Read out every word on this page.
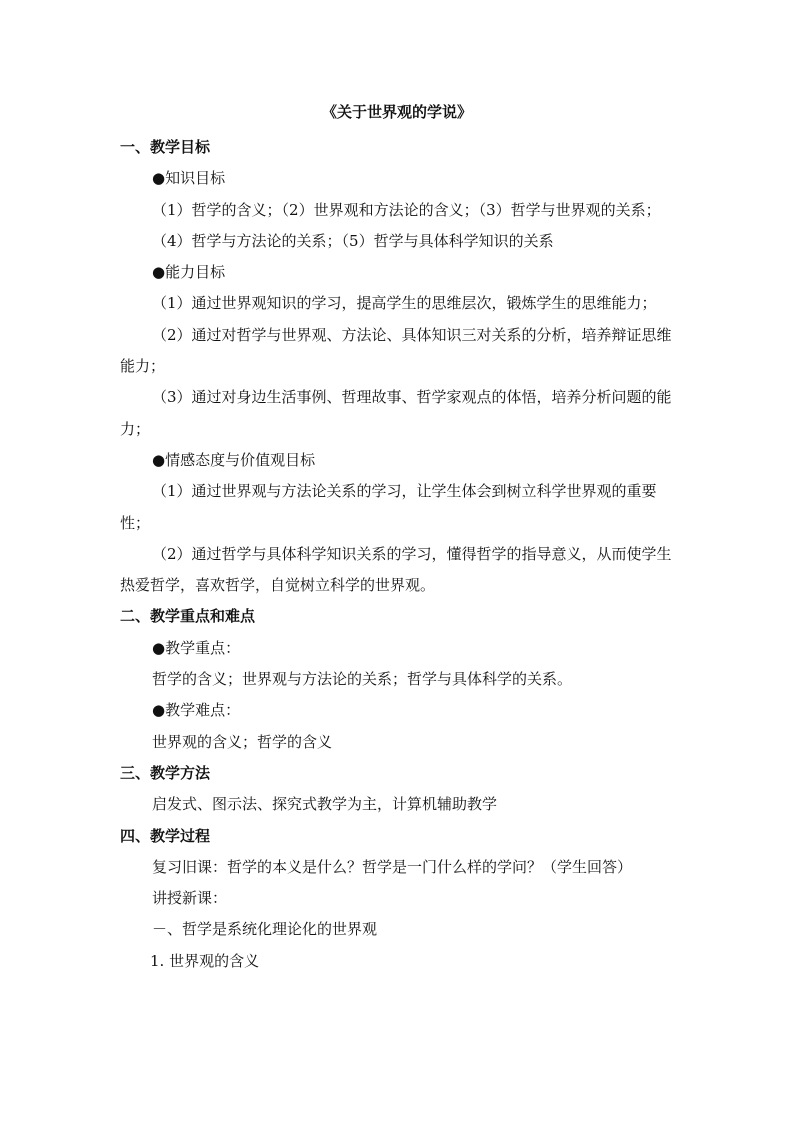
《关于世界观的学说》

一、教学目标

●知识目标

（1）哲学的含义；（2）世界观和方法论的含义；（3）哲学与世界观的关系；

（4）哲学与方法论的关系；（5）哲学与具体科学知识的关系

●能力目标

（1）通过世界观知识的学习，提高学生的思维层次，锻炼学生的思维能力；

（2）通过对哲学与世界观、方法论、具体知识三对关系的分析，培养辩证思维能力；

（3）通过对身边生活事例、哲理故事、哲学家观点的体悟，培养分析问题的能力；

●情感态度与价值观目标

（1）通过世界观与方法论关系的学习，让学生体会到树立科学世界观的重要性；

（2）通过哲学与具体科学知识关系的学习，懂得哲学的指导意义，从而使学生热爱哲学，喜欢哲学，自觉树立科学的世界观。

二、教学重点和难点

●教学重点：

哲学的含义；世界观与方法论的关系；哲学与具体科学的关系。

●教学难点：

世界观的含义；哲学的含义

三、教学方法

启发式、图示法、探究式教学为主，计算机辅助教学

四、教学过程

复习旧课：哲学的本义是什么？哲学是一门什么样的学问？（学生回答）

讲授新课：

－、哲学是系统化理论化的世界观

1. 世界观的含义
